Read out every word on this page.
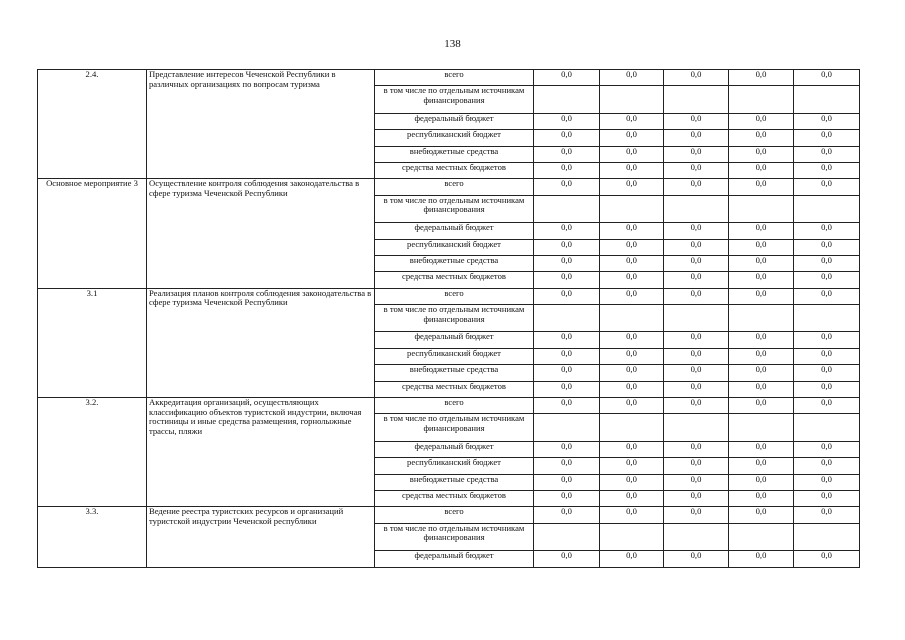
138
2.4.	Представление интересов Чеченской Республики в различных организациях по вопросам туризма	всего	0,0	0,0	0,0	0,0	0,0
		в том числе по отдельным источникам финансирования					
		федеральный бюджет	0,0	0,0	0,0	0,0	0,0
		республиканский бюджет	0,0	0,0	0,0	0,0	0,0
		внебюджетные средства	0,0	0,0	0,0	0,0	0,0
		средства местных бюджетов	0,0	0,0	0,0	0,0	0,0
Основное мероприятие 3	Осуществление контроля соблюдения законодательства в сфере туризма Чеченской Республики	всего	0,0	0,0	0,0	0,0	0,0
		в том числе по отдельным источникам финансирования					
		федеральный бюджет	0,0	0,0	0,0	0,0	0,0
		республиканский бюджет	0,0	0,0	0,0	0,0	0,0
		внебюджетные средства	0,0	0,0	0,0	0,0	0,0
		средства местных бюджетов	0,0	0,0	0,0	0,0	0,0
3.1	Реализация планов контроля соблюдения законодательства в сфере туризма Чеченской Республики	всего	0,0	0,0	0,0	0,0	0,0
		в том числе по отдельным источникам финансирования					
		федеральный бюджет	0,0	0,0	0,0	0,0	0,0
		республиканский бюджет	0,0	0,0	0,0	0,0	0,0
		внебюджетные средства	0,0	0,0	0,0	0,0	0,0
		средства местных бюджетов	0,0	0,0	0,0	0,0	0,0
3.2.	Аккредитация организаций, осуществляющих классификацию объектов туристской индустрии, включая гостиницы и иные средства размещения, горнолыжные трассы, пляжи	всего	0,0	0,0	0,0	0,0	0,0
		в том числе по отдельным источникам финансирования					
		федеральный бюджет	0,0	0,0	0,0	0,0	0,0
		республиканский бюджет	0,0	0,0	0,0	0,0	0,0
		внебюджетные средства	0,0	0,0	0,0	0,0	0,0
		средства местных бюджетов	0,0	0,0	0,0	0,0	0,0
3.3.	Ведение реестра туристских ресурсов и организаций туристской индустрии Чеченской республики	всего	0,0	0,0	0,0	0,0	0,0
		в том числе по отдельным источникам финансирования					
		федеральный бюджет	0,0	0,0	0,0	0,0	0,0
